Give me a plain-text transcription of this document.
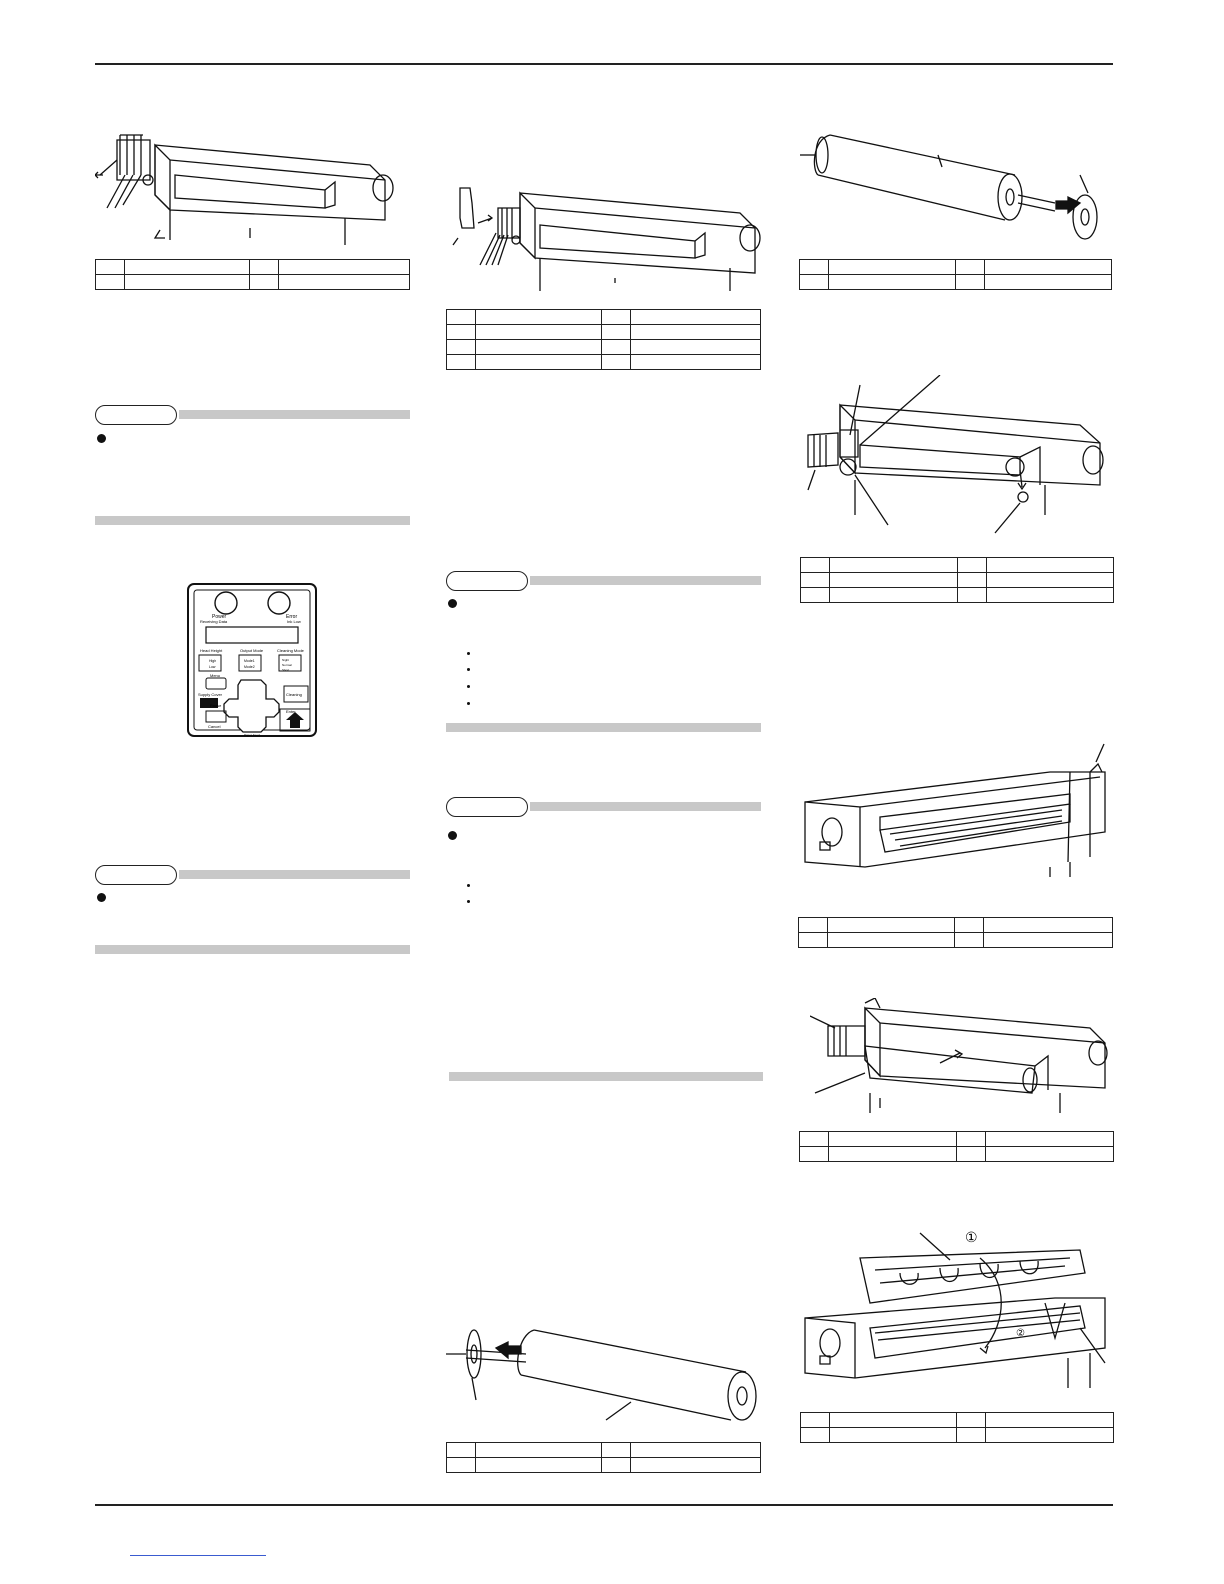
Power
Receiving Data
Error
Ink Low
Head Height
High
Low
Output Mode
Mode1
Mode2
Cleaning Mode
Night
Normal
Short
Menu
Supply Cover
Pause
Cancel
Cleaning
Enter
Paper Feed

①
②
